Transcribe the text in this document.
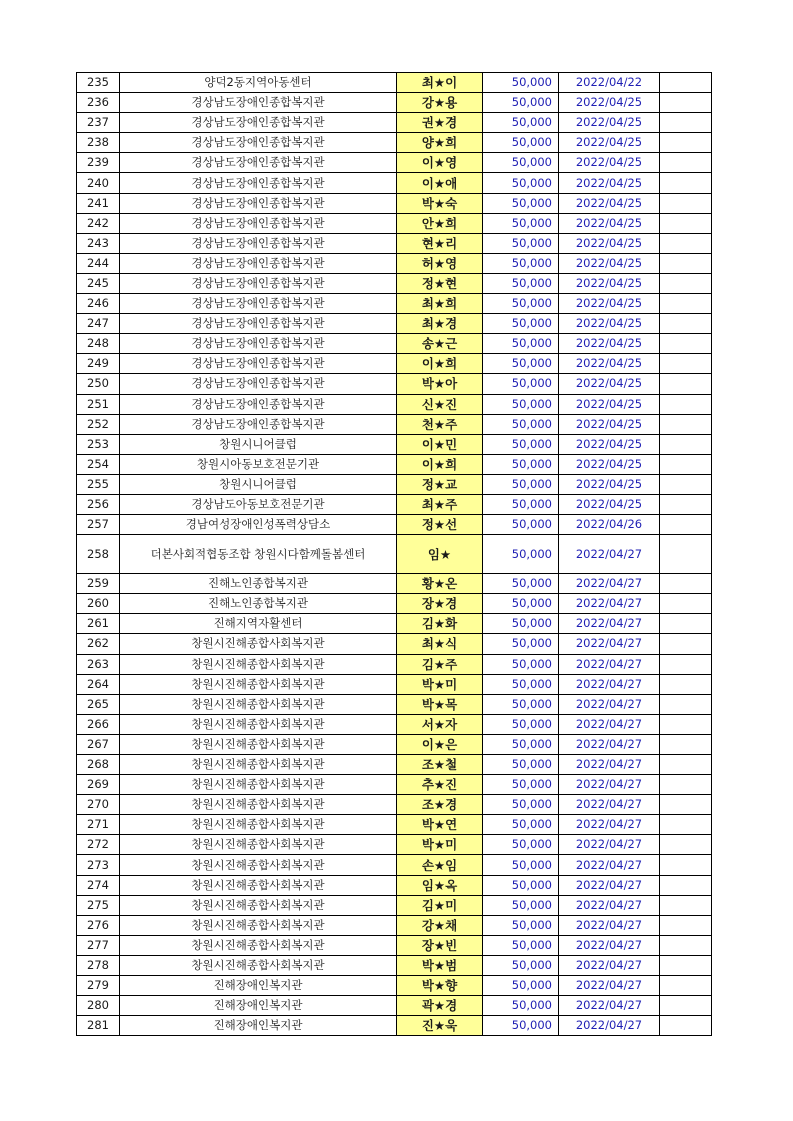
235	양덕2동지역아동센터	최★이	50,000	2022/04/22	
236	경상남도장애인종합복지관	강★용	50,000	2022/04/25	
237	경상남도장애인종합복지관	권★경	50,000	2022/04/25	
238	경상남도장애인종합복지관	양★희	50,000	2022/04/25	
239	경상남도장애인종합복지관	이★영	50,000	2022/04/25	
240	경상남도장애인종합복지관	이★애	50,000	2022/04/25	
241	경상남도장애인종합복지관	박★숙	50,000	2022/04/25	
242	경상남도장애인종합복지관	안★희	50,000	2022/04/25	
243	경상남도장애인종합복지관	현★리	50,000	2022/04/25	
244	경상남도장애인종합복지관	허★영	50,000	2022/04/25	
245	경상남도장애인종합복지관	정★현	50,000	2022/04/25	
246	경상남도장애인종합복지관	최★희	50,000	2022/04/25	
247	경상남도장애인종합복지관	최★경	50,000	2022/04/25	
248	경상남도장애인종합복지관	송★근	50,000	2022/04/25	
249	경상남도장애인종합복지관	이★희	50,000	2022/04/25	
250	경상남도장애인종합복지관	박★아	50,000	2022/04/25	
251	경상남도장애인종합복지관	신★진	50,000	2022/04/25	
252	경상남도장애인종합복지관	천★주	50,000	2022/04/25	
253	창원시니어클럽	이★민	50,000	2022/04/25	
254	창원시아동보호전문기관	이★희	50,000	2022/04/25	
255	창원시니어클럽	정★교	50,000	2022/04/25	
256	경상남도아동보호전문기관	최★주	50,000	2022/04/25	
257	경남여성장애인성폭력상담소	정★선	50,000	2022/04/26	
258	더본사회적협동조합 창원시다함께돌봄센터	임★	50,000	2022/04/27	
259	진해노인종합복지관	황★온	50,000	2022/04/27	
260	진해노인종합복지관	장★경	50,000	2022/04/27	
261	진해지역자활센터	김★화	50,000	2022/04/27	
262	창원시진해종합사회복지관	최★식	50,000	2022/04/27	
263	창원시진해종합사회복지관	김★주	50,000	2022/04/27	
264	창원시진해종합사회복지관	박★미	50,000	2022/04/27	
265	창원시진해종합사회복지관	박★목	50,000	2022/04/27	
266	창원시진해종합사회복지관	서★자	50,000	2022/04/27	
267	창원시진해종합사회복지관	이★은	50,000	2022/04/27	
268	창원시진해종합사회복지관	조★철	50,000	2022/04/27	
269	창원시진해종합사회복지관	추★진	50,000	2022/04/27	
270	창원시진해종합사회복지관	조★경	50,000	2022/04/27	
271	창원시진해종합사회복지관	박★연	50,000	2022/04/27	
272	창원시진해종합사회복지관	박★미	50,000	2022/04/27	
273	창원시진해종합사회복지관	손★임	50,000	2022/04/27	
274	창원시진해종합사회복지관	임★옥	50,000	2022/04/27	
275	창원시진해종합사회복지관	김★미	50,000	2022/04/27	
276	창원시진해종합사회복지관	강★채	50,000	2022/04/27	
277	창원시진해종합사회복지관	장★빈	50,000	2022/04/27	
278	창원시진해종합사회복지관	박★범	50,000	2022/04/27	
279	진해장애인복지관	박★향	50,000	2022/04/27	
280	진해장애인복지관	곽★경	50,000	2022/04/27	
281	진해장애인복지관	진★욱	50,000	2022/04/27	
